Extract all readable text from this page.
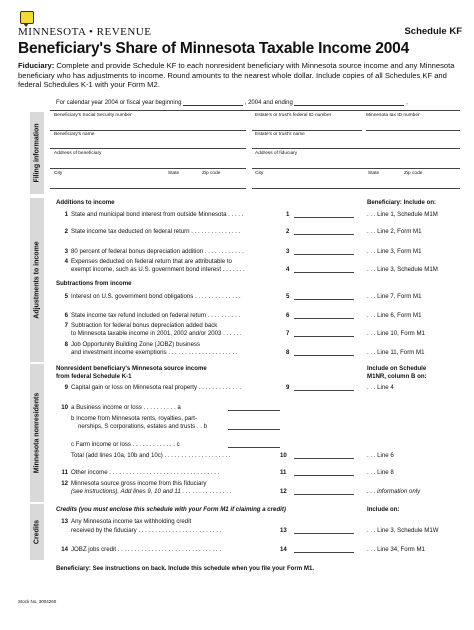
MINNESOTA • REVENUE	Schedule KF
Beneficiary's Share of Minnesota Taxable Income 2004
Fiduciary: Complete and provide Schedule KF to each nonresident beneficiary with Minnesota source income and any Minnesota beneficiary who has adjustments to income. Round amounts to the nearest whole dollar. Include copies of all Schedules KF and federal Schedules K-1 with your Form M2.
For calendar year 2004 or fiscal year beginning	, 2004 and ending	,
Filing information
Beneficiary's Social Security number	Estate's or trust's federal ID number	Minnesota tax ID number
Beneficiary's name	Estate's or trust's name
Address of beneficiary	Address of fiduciary
City	State	Zip code	City	State	Zip code
Adjustments to income
Additions to income	Beneficiary: Include on:
1 State and municipal bond interest from outside Minnesota . . . . .	1	. . . Line 1, Schedule M1M
2 State income tax deducted on federal return . . . . . . . . . . . . . . .	2	. . . Line 2, Form M1
3 80 percent of federal bonus depreciation addition . . . . . . . . . . . .	3	. . . Line 3, Form M1
4 Expenses deducted on federal return that are attributable to
exempt income, such as U.S. government bond interest . . . . . . .	4	. . . Line 3, Schedule M1M
Subtractions from income
5 Interest on U.S. government bond obligations . . . . . . . . . . . . . .	5	. . . Line 7, Form M1
6 State income tax refund included on federal return . . . . . . . . . .	6	. . . Line 6, Form M1
7 Subtraction for federal bonus depreciation added back
to Minnesota taxable income in 2001, 2002 and/or 2003 . . . . . .	7	. . . Line 10, Form M1
8 Job Opportunity Building Zone (JOBZ) business
and investment income exemptions . . . . . . . . . . . . . . . . . . . . .	8	. . . Line 11, Form M1
Minnesota nonresidents
Nonresident beneficiary's Minnesota source income
from federal Schedule K-1
Include on Schedule
M1NR, column B on:
9 Capital gain or loss on Minnesota real property . . . . . . . . . . . . .	9	. . . Line 4
10 a Business income or loss . . . . . . . . . . a
b Income from Minnesota rents, royalties, part-
nerships, S corporations, estates and trusts . . b
c Farm income or loss . . . . . . . . . . . . . c
Total (add lines 10a, 10b and 10c) . . . . . . . . . . . . . . . . . . . .	10	. . . Line 6
11 Other income . . . . . . . . . . . . . . . . . . . . . . . . . . . . . . . . .	11	. . . Line 8
12 Minnesota source gross income from this fiduciary
(see instructions). Add lines 9, 10 and 11 . . . . . . . . . . . . . . .	12	. . . information only
Credits
Credits (you must enclose this schedule with your Form M1 if claiming a credit)	Include on:
13 Any Minnesota income tax withholding credit
received by the fiduciary . . . . . . . . . . . . . . . . . . . . . . . . .	13	. . . Line 3, Schedule M1W
14 JOBZ jobs credit . . . . . . . . . . . . . . . . . . . . . . . . . . . . . . .	14	. . . Line 34, Form M1
Beneficiary: See instructions on back. Include this schedule when you file your Form M1.
Stock No. 3004260
